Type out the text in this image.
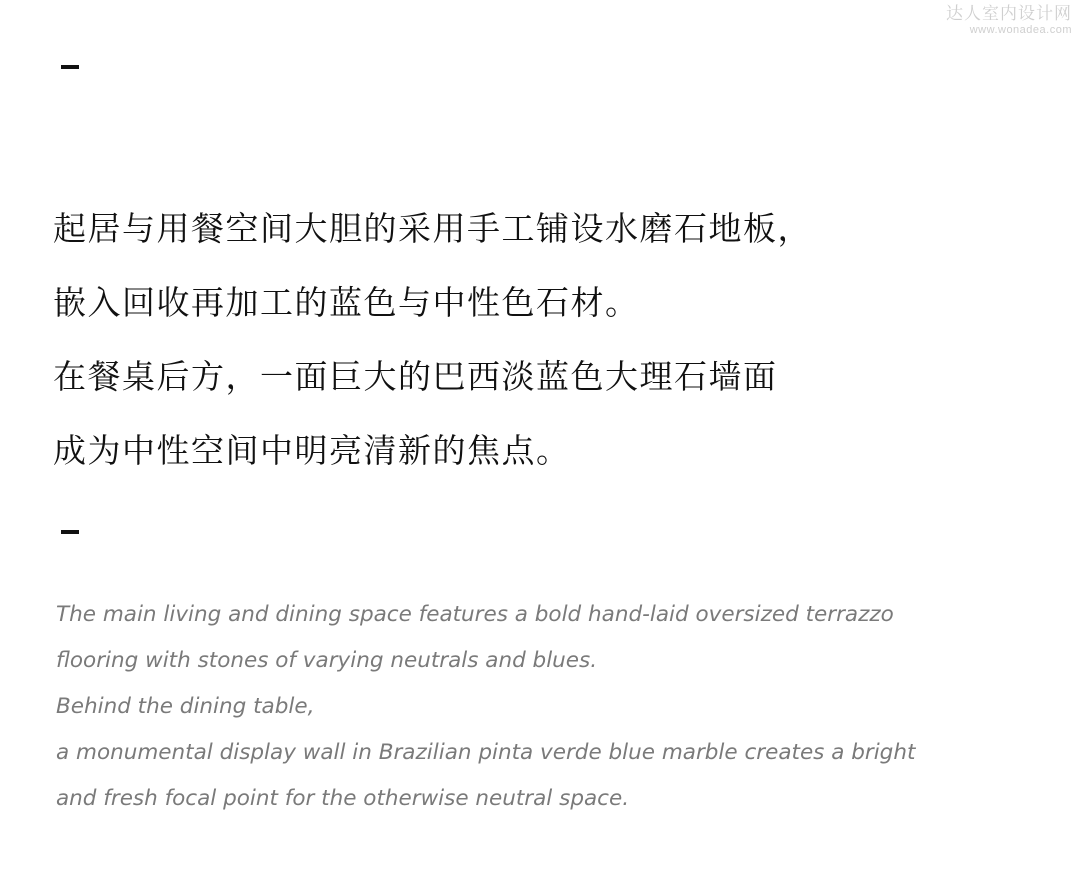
达人室内设计网
www.wonadea.com
起居与用餐空间大胆的采用手工铺设水磨石地板，
嵌入回收再加工的蓝色与中性色石材。
在餐桌后方，一面巨大的巴西淡蓝色大理石墙面
成为中性空间中明亮清新的焦点。
The main living and dining space features a bold hand-laid oversized terrazzo
flooring with stones of varying neutrals and blues.
Behind the dining table,
a monumental display wall in Brazilian pinta verde blue marble creates a bright
and fresh focal point for the otherwise neutral space.
